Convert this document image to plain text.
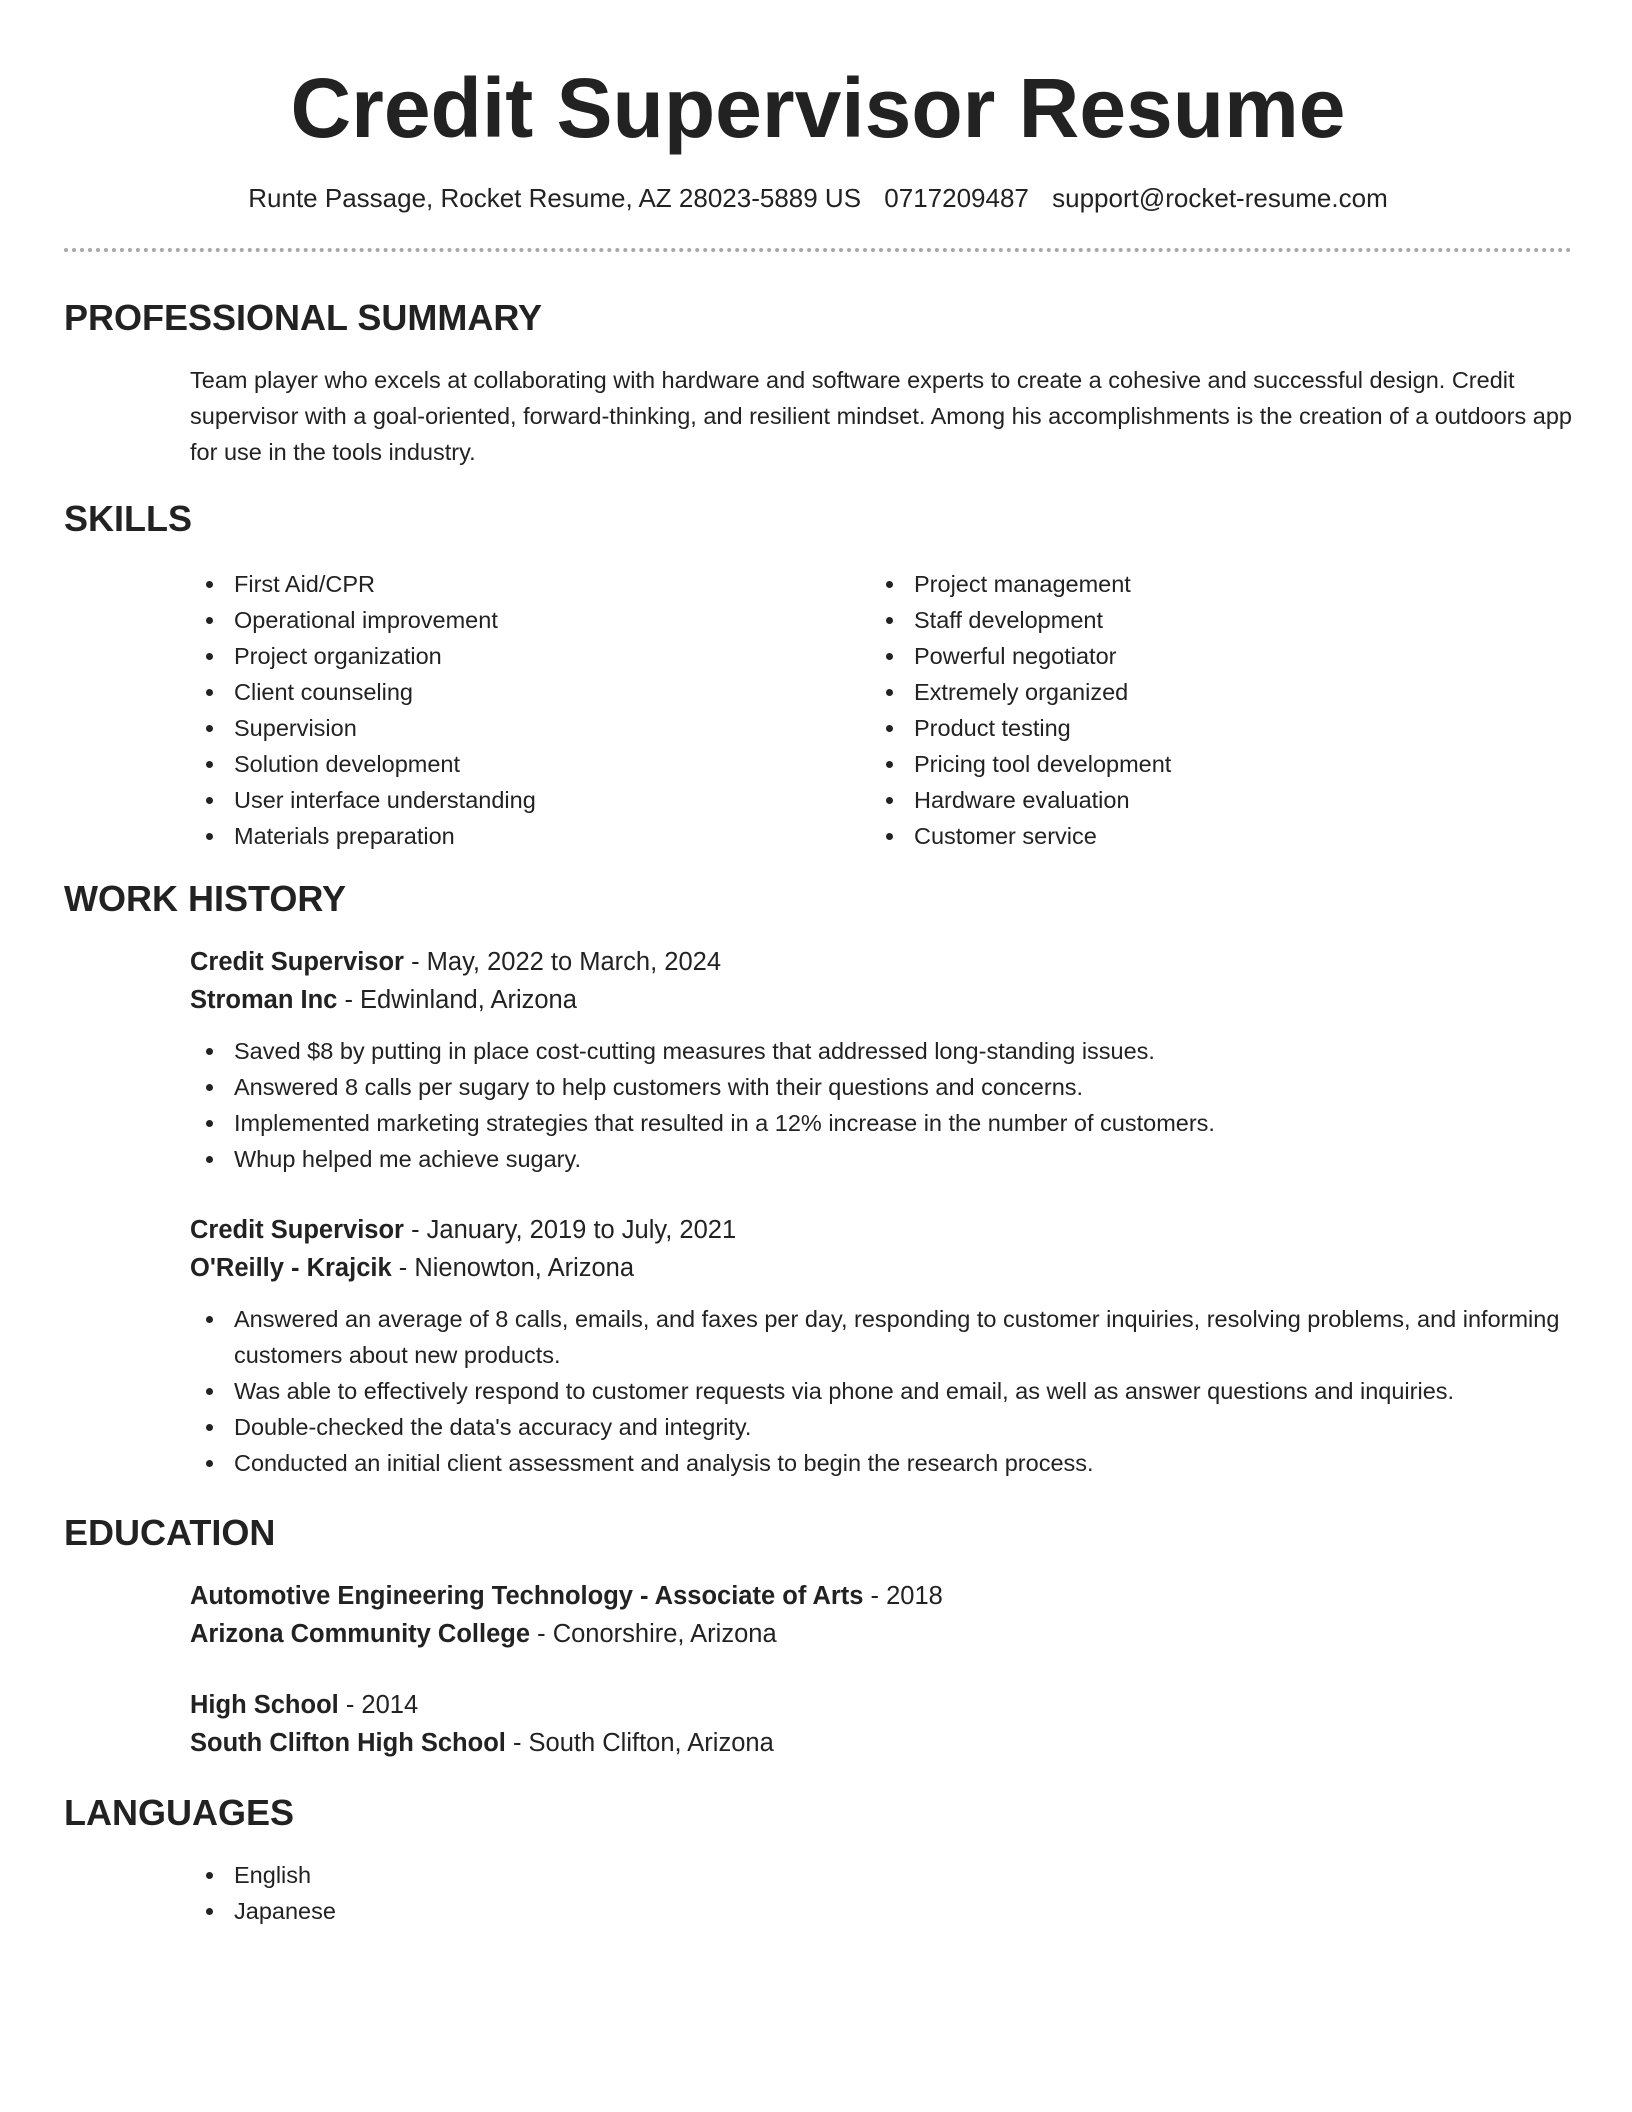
Credit Supervisor Resume
Runte Passage, Rocket Resume, AZ 28023-5889 US 0717209487 support@rocket-resume.com
PROFESSIONAL SUMMARY

Team player who excels at collaborating with hardware and software experts to create a cohesive and successful design. Credit supervisor with a goal-oriented, forward-thinking, and resilient mindset. Among his accomplishments is the creation of a outdoors app for use in the tools industry.

SKILLS
First Aid/CPR
Operational improvement
Project organization
Client counseling
Supervision
Solution development
User interface understanding
Materials preparation
Project management
Staff development
Powerful negotiator
Extremely organized
Product testing
Pricing tool development
Hardware evaluation
Customer service
WORK HISTORY
Credit Supervisor - May, 2022 to March, 2024
Stroman Inc - Edwinland, Arizona
Saved $8 by putting in place cost-cutting measures that addressed long-standing issues.
Answered 8 calls per sugary to help customers with their questions and concerns.
Implemented marketing strategies that resulted in a 12% increase in the number of customers.
Whup helped me achieve sugary.
Credit Supervisor - January, 2019 to July, 2021
O'Reilly - Krajcik - Nienowton, Arizona
Answered an average of 8 calls, emails, and faxes per day, responding to customer inquiries, resolving problems, and informing customers about new products.
Was able to effectively respond to customer requests via phone and email, as well as answer questions and inquiries.
Double-checked the data's accuracy and integrity.
Conducted an initial client assessment and analysis to begin the research process.
EDUCATION
Automotive Engineering Technology - Associate of Arts - 2018
Arizona Community College - Conorshire, Arizona
High School - 2014
South Clifton High School - South Clifton, Arizona
LANGUAGES
English
Japanese
